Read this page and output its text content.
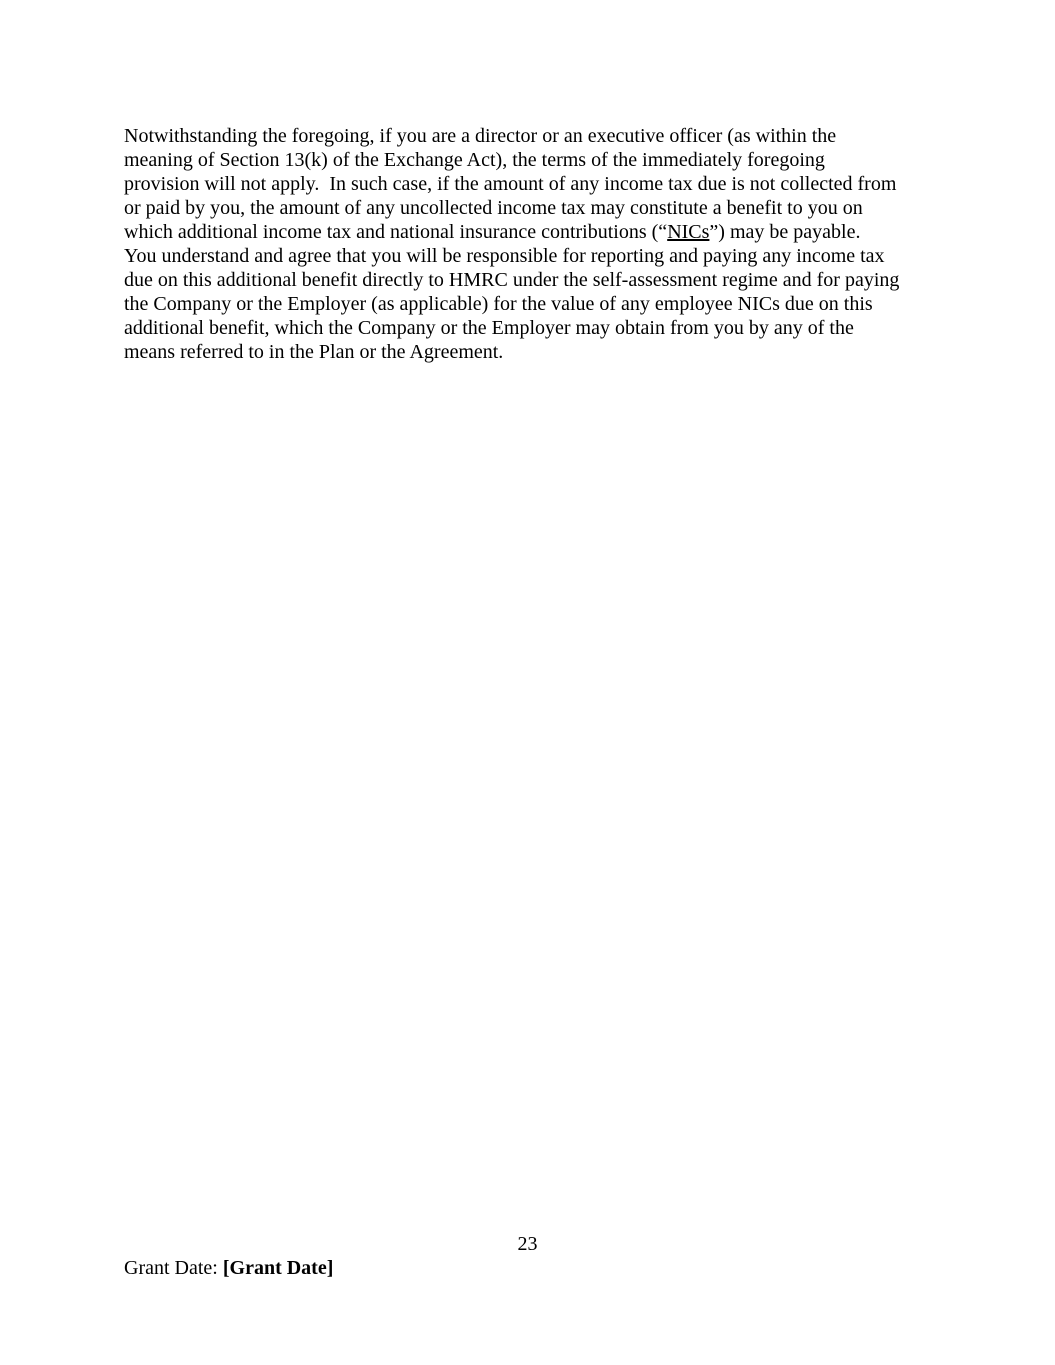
Notwithstanding the foregoing, if you are a director or an executive officer (as within the
meaning of Section 13(k) of the Exchange Act), the terms of the immediately foregoing
provision will not apply.  In such case, if the amount of any income tax due is not collected from
or paid by you, the amount of any uncollected income tax may constitute a benefit to you on
which additional income tax and national insurance contributions (“NICs”) may be payable.
You understand and agree that you will be responsible for reporting and paying any income tax
due on this additional benefit directly to HMRC under the self-assessment regime and for paying
the Company or the Employer (as applicable) for the value of any employee NICs due on this
additional benefit, which the Company or the Employer may obtain from you by any of the
means referred to in the Plan or the Agreement.
23
Grant Date: [Grant Date]
